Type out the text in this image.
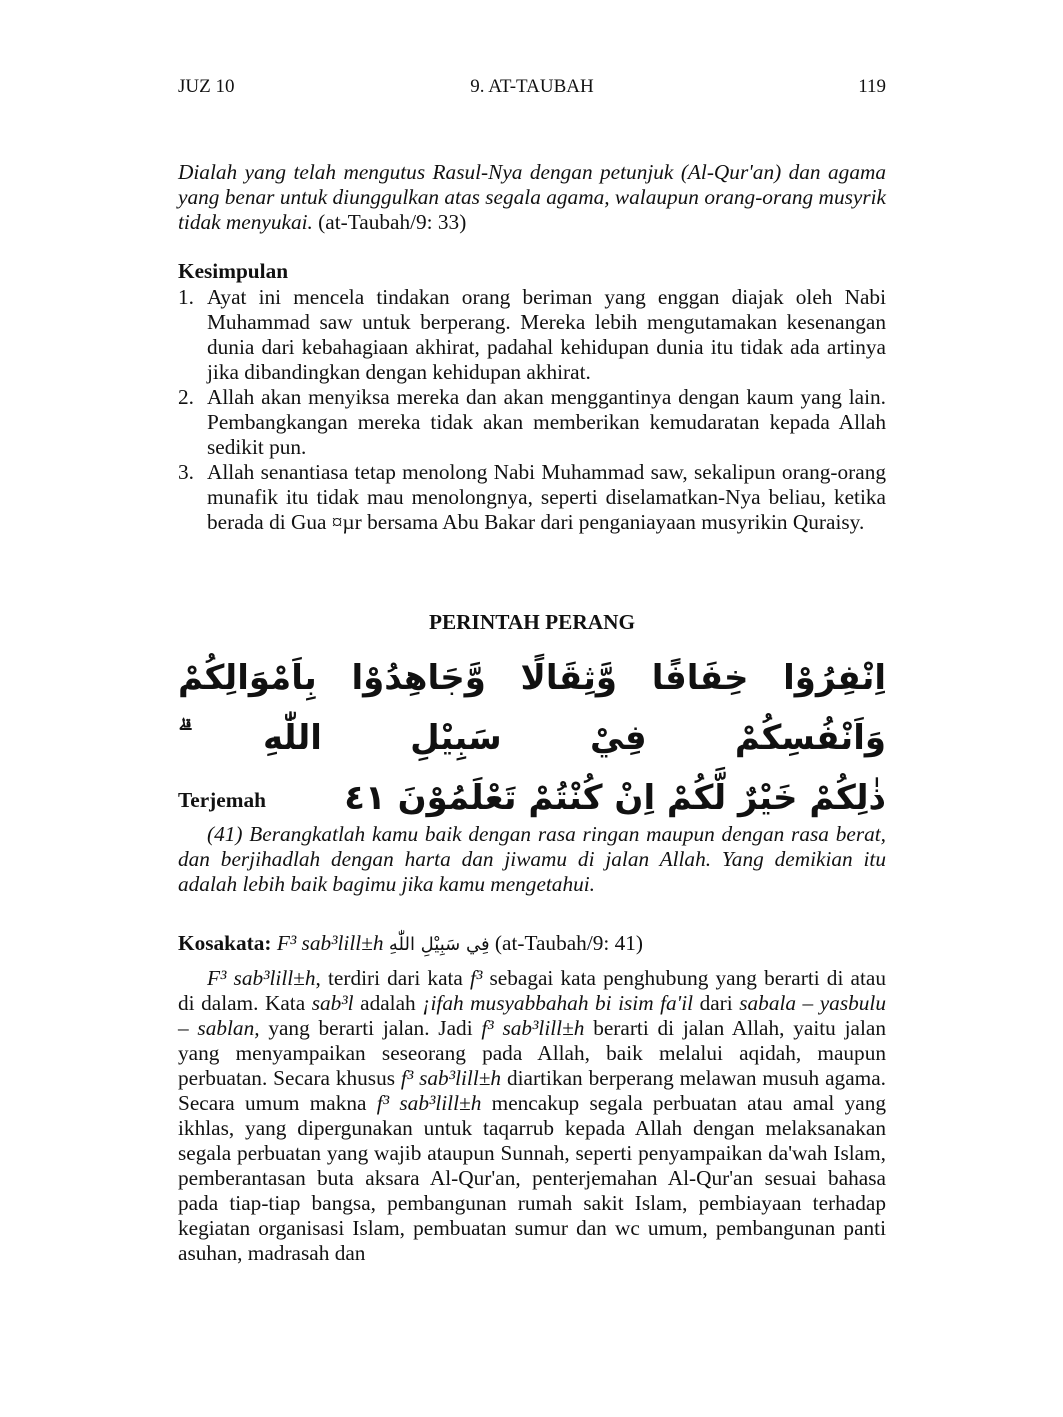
JUZ 10	9. AT-TAUBAH	119
Dialah yang telah mengutus Rasul-Nya dengan petunjuk (Al-Qur'an) dan agama yang benar untuk diunggulkan atas segala agama, walaupun orang-orang musyrik tidak menyukai. (at-Taubah/9: 33)
Kesimpulan
1. Ayat ini mencela tindakan orang beriman yang enggan diajak oleh Nabi Muhammad saw untuk berperang. Mereka lebih mengutamakan kesenangan dunia dari kebahagiaan akhirat, padahal kehidupan dunia itu tidak ada artinya jika dibandingkan dengan kehidupan akhirat.
2. Allah akan menyiksa mereka dan akan menggantinya dengan kaum yang lain. Pembangkangan mereka tidak akan memberikan kemudaratan kepada Allah sedikit pun.
3. Allah senantiasa tetap menolong Nabi Muhammad saw, sekalipun orang-orang munafik itu tidak mau menolongnya, seperti diselamatkan-Nya beliau, ketika berada di Gua ¤µr bersama Abu Bakar dari penganiayaan musyrikin Quraisy.
PERINTAH PERANG
اِنْفِرُوْا خِفَافًا وَّثِقَالًا وَّجَاهِدُوْا بِاَمْوَالِكُمْ وَاَنْفُسِكُمْ فِيْ سَبِيْلِ اللّٰهِ ۗ
ذٰلِكُمْ خَيْرٌ لَّكُمْ اِنْ كُنْتُمْ تَعْلَمُوْنَ ٤١
Terjemah
(41) Berangkatlah kamu baik dengan rasa ringan maupun dengan rasa berat, dan berjihadlah dengan harta dan jiwamu di jalan Allah. Yang demikian itu adalah lebih baik bagimu jika kamu mengetahui.
Kosakata: F³ sab³lill±h فِي سَبِيْلِ اللّٰهِ (at-Taubah/9: 41)
F³ sab³lill±h, terdiri dari kata f³ sebagai kata penghubung yang berarti di atau di dalam. Kata sab³l adalah ¡ifah musyabbahah bi isim fa'il dari sabala – yasbulu – sablan, yang berarti jalan. Jadi f³ sab³lill±h berarti di jalan Allah, yaitu jalan yang menyampaikan seseorang pada Allah, baik melalui aqidah, maupun perbuatan. Secara khusus f³ sab³lill±h diartikan berperang melawan musuh agama. Secara umum makna f³ sab³lill±h mencakup segala perbuatan atau amal yang ikhlas, yang dipergunakan untuk taqarrub kepada Allah dengan melaksanakan segala perbuatan yang wajib ataupun Sunnah, seperti penyampaikan da'wah Islam, pemberantasan buta aksara Al-Qur'an, penterjemahan Al-Qur'an sesuai bahasa pada tiap-tiap bangsa, pembangunan rumah sakit Islam, pembiayaan terhadap kegiatan organisasi Islam, pembuatan sumur dan wc umum, pembangunan panti asuhan, madrasah dan
